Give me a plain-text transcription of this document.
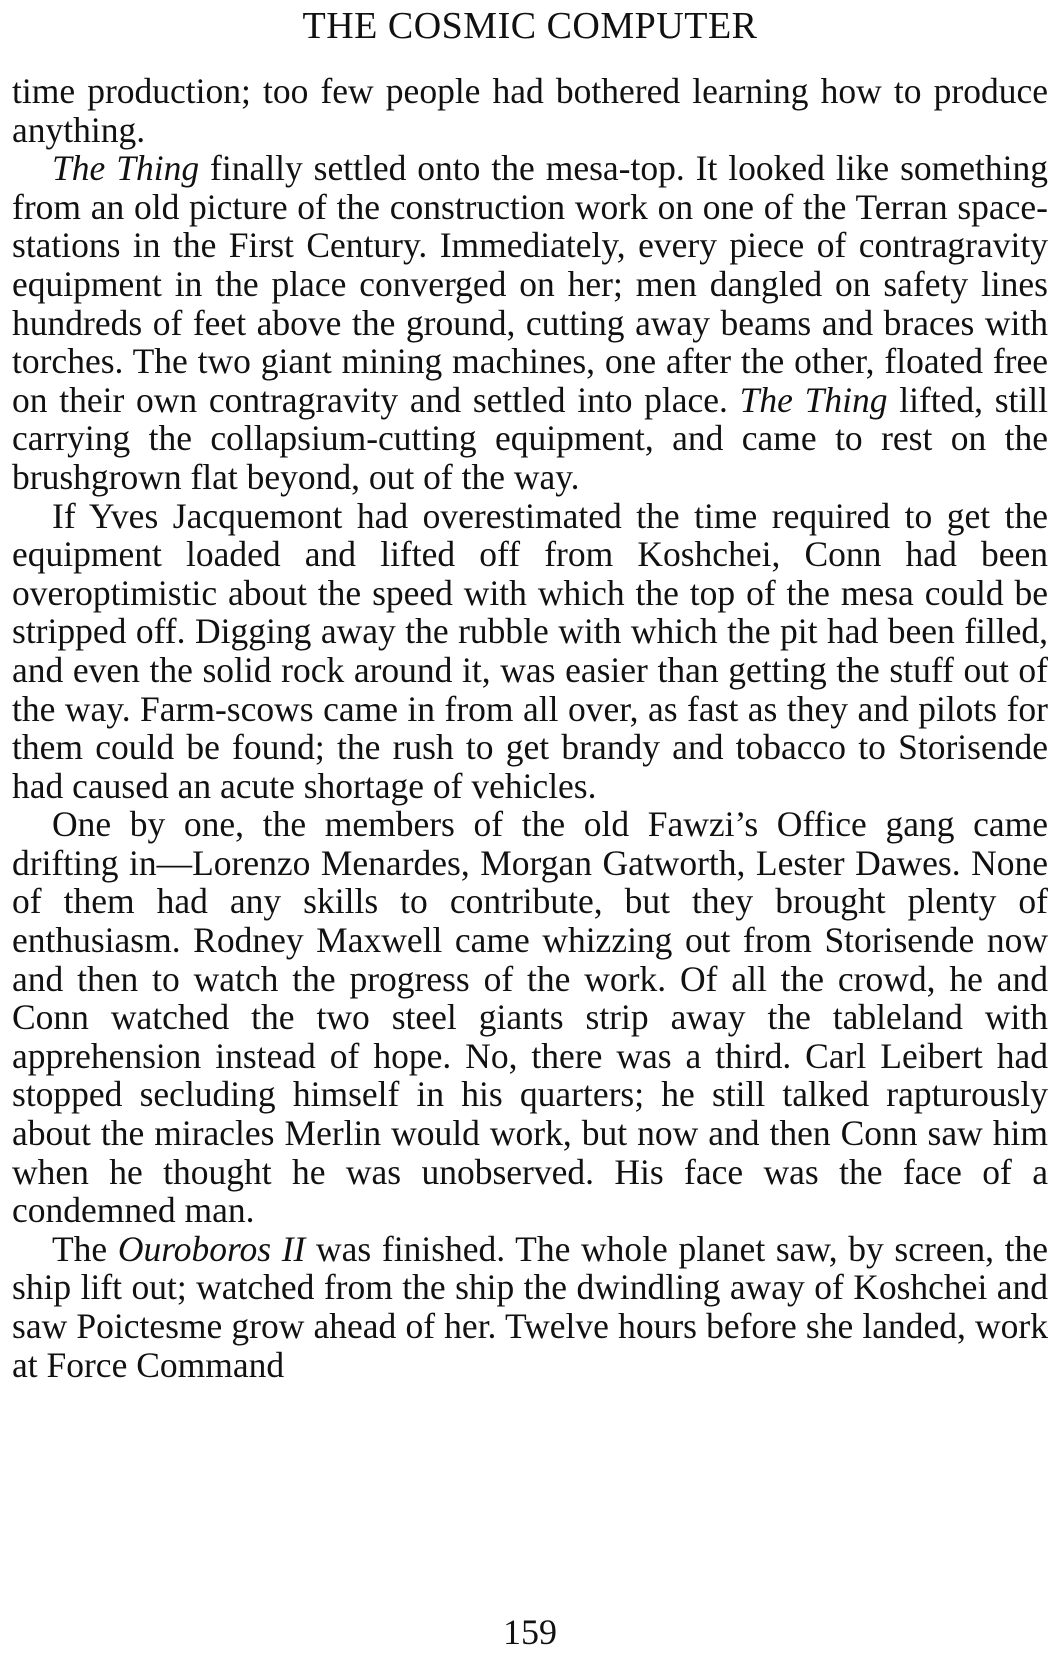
THE COSMIC COMPUTER

time production; too few people had bothered learning how to produce anything.

The Thing finally settled onto the mesa-top. It looked like something from an old picture of the construction work on one of the Terran space-stations in the First Century. Immediately, every piece of contragravity equipment in the place converged on her; men dangled on safety lines hundreds of feet above the ground, cutting away beams and braces with torches. The two giant mining machines, one after the other, floated free on their own contragravity and settled into place. The Thing lifted, still carrying the collapsium-cutting equipment, and came to rest on the brushgrown flat beyond, out of the way.

If Yves Jacquemont had overestimated the time required to get the equipment loaded and lifted off from Koshchei, Conn had been overoptimistic about the speed with which the top of the mesa could be stripped off. Digging away the rubble with which the pit had been filled, and even the solid rock around it, was easier than getting the stuff out of the way. Farm-scows came in from all over, as fast as they and pilots for them could be found; the rush to get brandy and tobacco to Storisende had caused an acute shortage of vehicles.

One by one, the members of the old Fawzi’s Office gang came drifting in—Lorenzo Menardes, Morgan Gatworth, Lester Dawes. None of them had any skills to contribute, but they brought plenty of enthusiasm. Rodney Maxwell came whizzing out from Storisende now and then to watch the progress of the work. Of all the crowd, he and Conn watched the two steel giants strip away the tableland with apprehension instead of hope. No, there was a third. Carl Leibert had stopped secluding himself in his quarters; he still talked rapturously about the miracles Merlin would work, but now and then Conn saw him when he thought he was unobserved. His face was the face of a condemned man.

The Ouroboros II was finished. The whole planet saw, by screen, the ship lift out; watched from the ship the dwindling away of Koshchei and saw Poictesme grow ahead of her. Twelve hours before she landed, work at Force Command

159
